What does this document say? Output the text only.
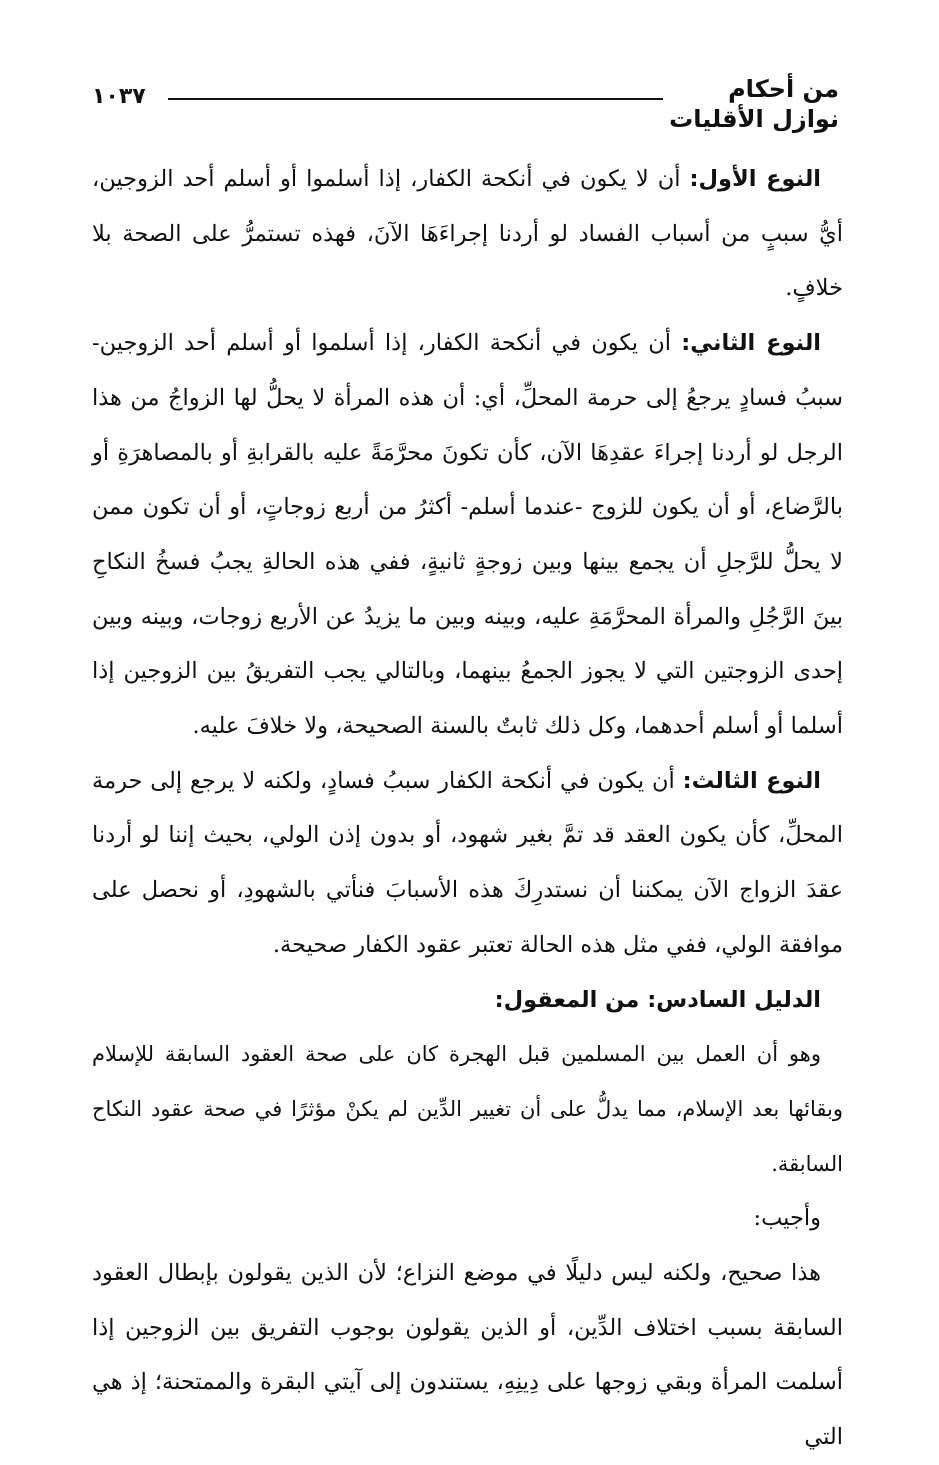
من أحكام
نوازل الأقليات
١٠٣٧

النوع الأول: أن لا يكون في أنكحة الكفار، إذا أسلموا أو أسلم أحد الزوجين، أيُّ سببٍ من أسباب الفساد لو أردنا إجراءَهَا الآنَ، فهذه تستمرُّ على الصحة بلا خلافٍ.

النوع الثاني: أن يكون في أنكحة الكفار، إذا أسلموا أو أسلم أحد الزوجين- سببُ فسادٍ يرجعُ إلى حرمة المحلِّ، أي: أن هذه المرأة لا يحلُّ لها الزواجُ من هذا الرجل لو أردنا إجراءَ عقدِهَا الآن، كأن تكونَ محرَّمَةً عليه بالقرابةِ أو بالمصاهرَةِ أو بالرَّضاع، أو أن يكون للزوج -عندما أسلم- أكثرُ من أربع زوجاتٍ، أو أن تكون ممن لا يحلُّ للرَّجلِ أن يجمع بينها وبين زوجةٍ ثانيةٍ، ففي هذه الحالةِ يجبُ فسخُ النكاحِ بينَ الرَّجُلِ والمرأة المحرَّمَةِ عليه، وبينه وبين ما يزيدُ عن الأربع زوجات، وبينه وبين إحدى الزوجتين التي لا يجوز الجمعُ بينهما، وبالتالي يجب التفريقُ بين الزوجين إذا أسلما أو أسلم أحدهما، وكل ذلك ثابتٌ بالسنة الصحيحة، ولا خلافَ عليه.

النوع الثالث: أن يكون في أنكحة الكفار سببُ فسادٍ، ولكنه لا يرجع إلى حرمة المحلِّ، كأن يكون العقد قد تمَّ بغير شهود، أو بدون إذن الولي، بحيث إننا لو أردنا عقدَ الزواج الآن يمكننا أن نستدرِكَ هذه الأسبابَ فنأتي بالشهودِ، أو نحصل على موافقة الولي، ففي مثل هذه الحالة تعتبر عقود الكفار صحيحة.

الدليل السادس: من المعقول:

وهو أن العمل بين المسلمين قبل الهجرة كان على صحة العقود السابقة للإسلام وبقائها بعد الإسلام، مما يدلُّ على أن تغيير الدِّين لم يكنْ مؤثرًا في صحة عقود النكاح السابقة.

وأجيب:

هذا صحيح، ولكنه ليس دليلًا في موضع النزاع؛ لأن الذين يقولون بإبطال العقود السابقة بسبب اختلاف الدِّين، أو الذين يقولون بوجوب التفريق بين الزوجين إذا أسلمت المرأة وبقي زوجها على دِينِهِ، يستندون إلى آيتي البقرة والممتحنة؛ إذ هي التي
